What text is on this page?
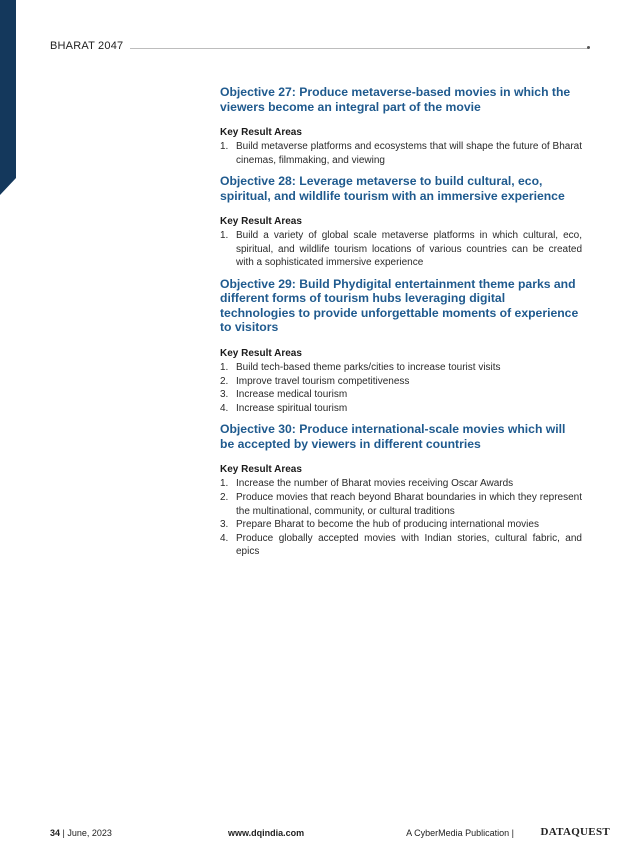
BHARAT 2047
Objective 27: Produce metaverse-based movies in which the viewers become an integral part of the movie
Key Result Areas
1. Build metaverse platforms and ecosystems that will shape the future of Bharat cinemas, filmmaking, and viewing
Objective 28: Leverage metaverse to build cultural, eco, spiritual, and wildlife tourism with an immersive experience
Key Result Areas
1. Build a variety of global scale metaverse platforms in which cultural, eco, spiritual, and wildlife tourism locations of various countries can be created with a sophisticated immersive experience
Objective 29: Build Phydigital entertainment theme parks and different forms of tourism hubs leveraging digital technologies to provide unforgettable moments of experience to visitors
Key Result Areas
1. Build tech-based theme parks/cities to increase tourist visits
2. Improve travel tourism competitiveness
3. Increase medical tourism
4. Increase spiritual tourism
Objective 30: Produce international-scale movies which will be accepted by viewers in different countries
Key Result Areas
1. Increase the number of Bharat movies receiving Oscar Awards
2. Produce movies that reach beyond Bharat boundaries in which they represent the multinational, community, or cultural traditions
3. Prepare Bharat to become the hub of producing international movies
4. Produce globally accepted movies with Indian stories, cultural fabric, and epics
34 | June, 2023	www.dqindia.com	A CyberMedia Publication | DATAQUEST
